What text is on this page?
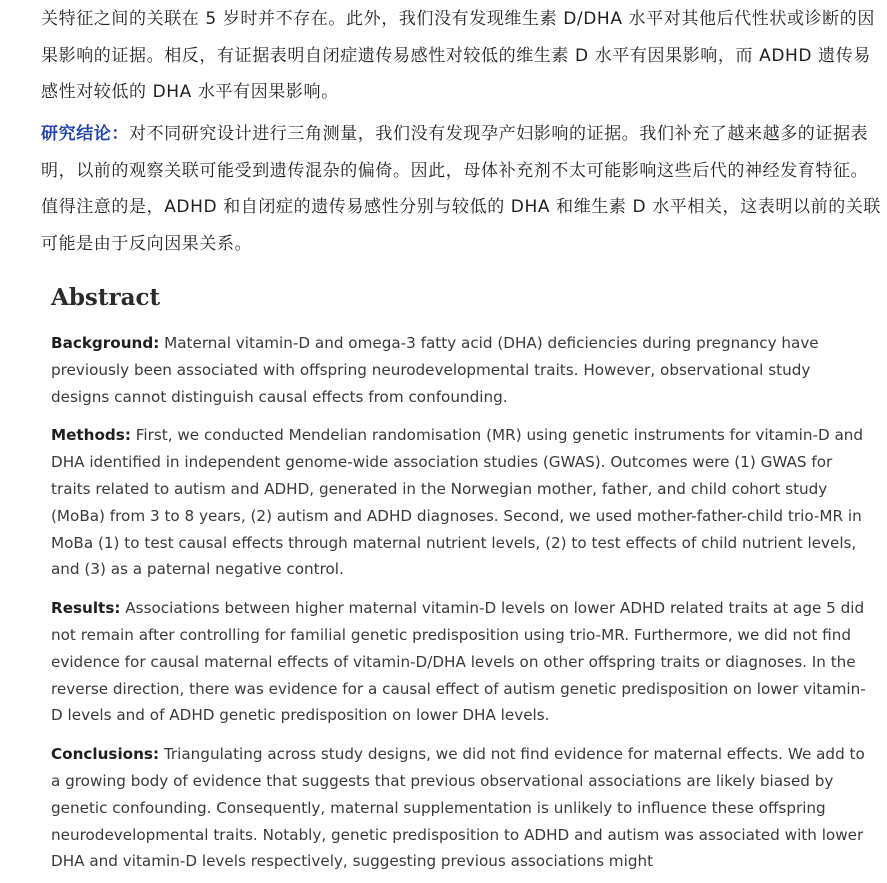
关特征之间的关联在 5 岁时并不存在。此外，我们没有发现维生素 D/DHA 水平对其他后代性状或诊断的因果影响的证据。相反，有证据表明自闭症遗传易感性对较低的维生素 D 水平有因果影响，而 ADHD 遗传易感性对较低的 DHA 水平有因果影响。

研究结论：对不同研究设计进行三角测量，我们没有发现孕产妇影响的证据。我们补充了越来越多的证据表明，以前的观察关联可能受到遗传混杂的偏倚。因此，母体补充剂不太可能影响这些后代的神经发育特征。值得注意的是，ADHD 和自闭症的遗传易感性分别与较低的 DHA 和维生素 D 水平相关，这表明以前的关联可能是由于反向因果关系。

Abstract

Background: Maternal vitamin-D and omega-3 fatty acid (DHA) deficiencies during pregnancy have previously been associated with offspring neurodevelopmental traits. However, observational study designs cannot distinguish causal effects from confounding.

Methods: First, we conducted Mendelian randomisation (MR) using genetic instruments for vitamin-D and DHA identified in independent genome-wide association studies (GWAS). Outcomes were (1) GWAS for traits related to autism and ADHD, generated in the Norwegian mother, father, and child cohort study (MoBa) from 3 to 8 years, (2) autism and ADHD diagnoses. Second, we used mother-father-child trio-MR in MoBa (1) to test causal effects through maternal nutrient levels, (2) to test effects of child nutrient levels, and (3) as a paternal negative control.

Results: Associations between higher maternal vitamin-D levels on lower ADHD related traits at age 5 did not remain after controlling for familial genetic predisposition using trio-MR. Furthermore, we did not find evidence for causal maternal effects of vitamin-D/DHA levels on other offspring traits or diagnoses. In the reverse direction, there was evidence for a causal effect of autism genetic predisposition on lower vitamin-D levels and of ADHD genetic predisposition on lower DHA levels.

Conclusions: Triangulating across study designs, we did not find evidence for maternal effects. We add to a growing body of evidence that suggests that previous observational associations are likely biased by genetic confounding. Consequently, maternal supplementation is unlikely to influence these offspring neurodevelopmental traits. Notably, genetic predisposition to ADHD and autism was associated with lower DHA and vitamin-D levels respectively, suggesting previous associations might
